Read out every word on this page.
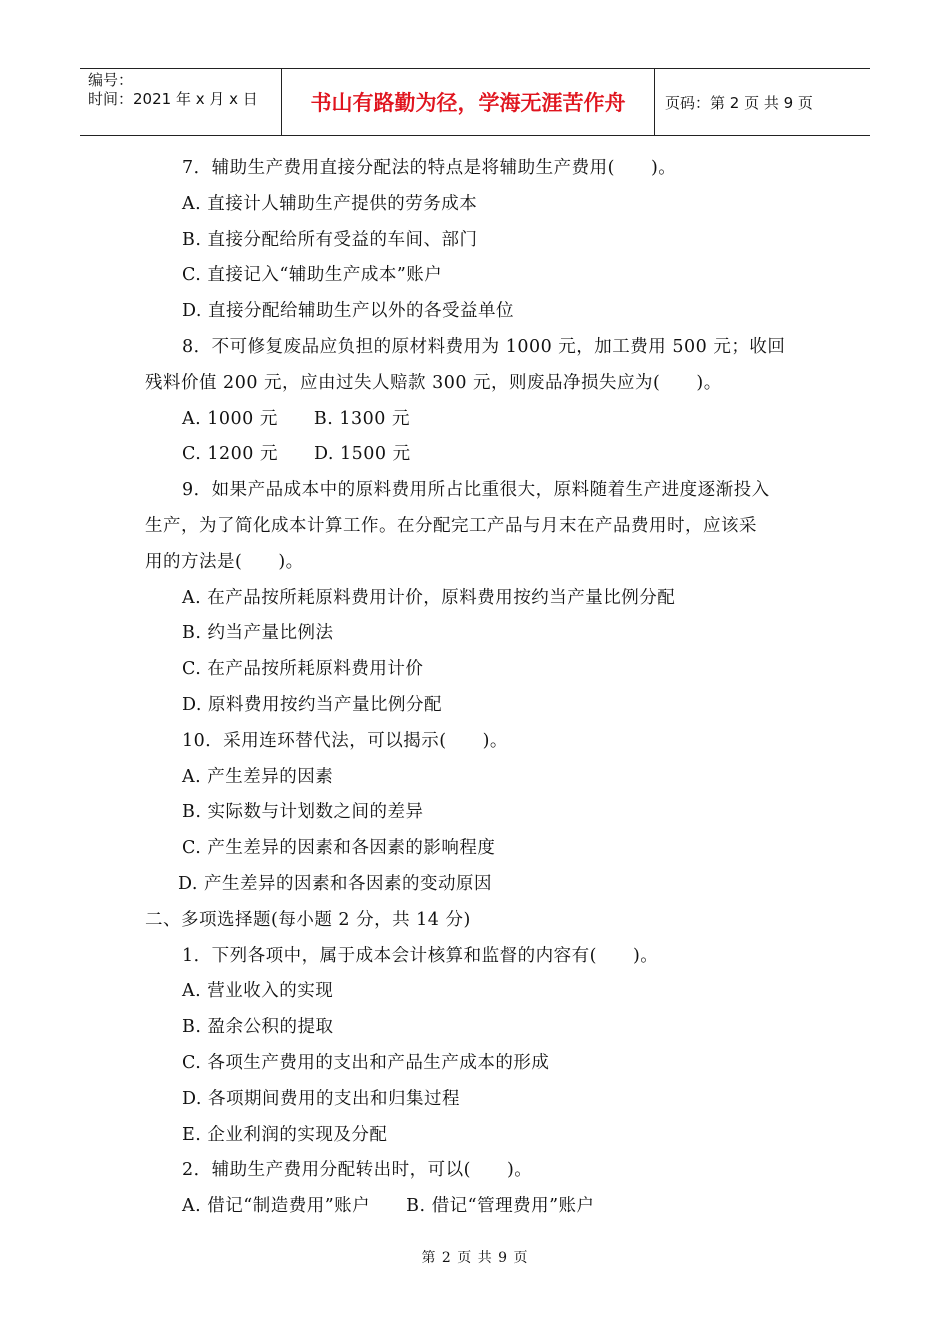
编号：
时间：2021 年 x 月 x 日	书山有路勤为径，学海无涯苦作舟	页码：第 2 页 共 9 页
7．辅助生产费用直接分配法的特点是将辅助生产费用(　　)。
A. 直接计人辅助生产提供的劳务成本
B. 直接分配给所有受益的车间、部门
C. 直接记入“辅助生产成本”账户
D. 直接分配给辅助生产以外的各受益单位
8．不可修复废品应负担的原材料费用为 1000 元，加工费用 500 元；收回
残料价值 200 元，应由过失人赔款 300 元，则废品净损失应为(　　)。
A. 1000 元　　B. 1300 元
C. 1200 元　　D. 1500 元
9．如果产品成本中的原料费用所占比重很大，原料随着生产进度逐渐投入
生产，为了简化成本计算工作。在分配完工产品与月末在产品费用时，应该采
用的方法是(　　)。
A. 在产品按所耗原料费用计价，原料费用按约当产量比例分配
B. 约当产量比例法
C. 在产品按所耗原料费用计价
D. 原料费用按约当产量比例分配
10．采用连环替代法，可以揭示(　　)。
A. 产生差异的因素
B. 实际数与计划数之间的差异
C. 产生差异的因素和各因素的影响程度
D. 产生差异的因素和各因素的变动原因
二、多项选择题(每小题 2 分，共 14 分)
1．下列各项中，属于成本会计核算和监督的内容有(　　)。
A. 营业收入的实现
B. 盈余公积的提取
C. 各项生产费用的支出和产品生产成本的形成
D. 各项期间费用的支出和归集过程
E. 企业利润的实现及分配
2．辅助生产费用分配转出时，可以(　　)。
A. 借记“制造费用”账户　　B. 借记“管理费用”账户
第 2 页 共 9 页
